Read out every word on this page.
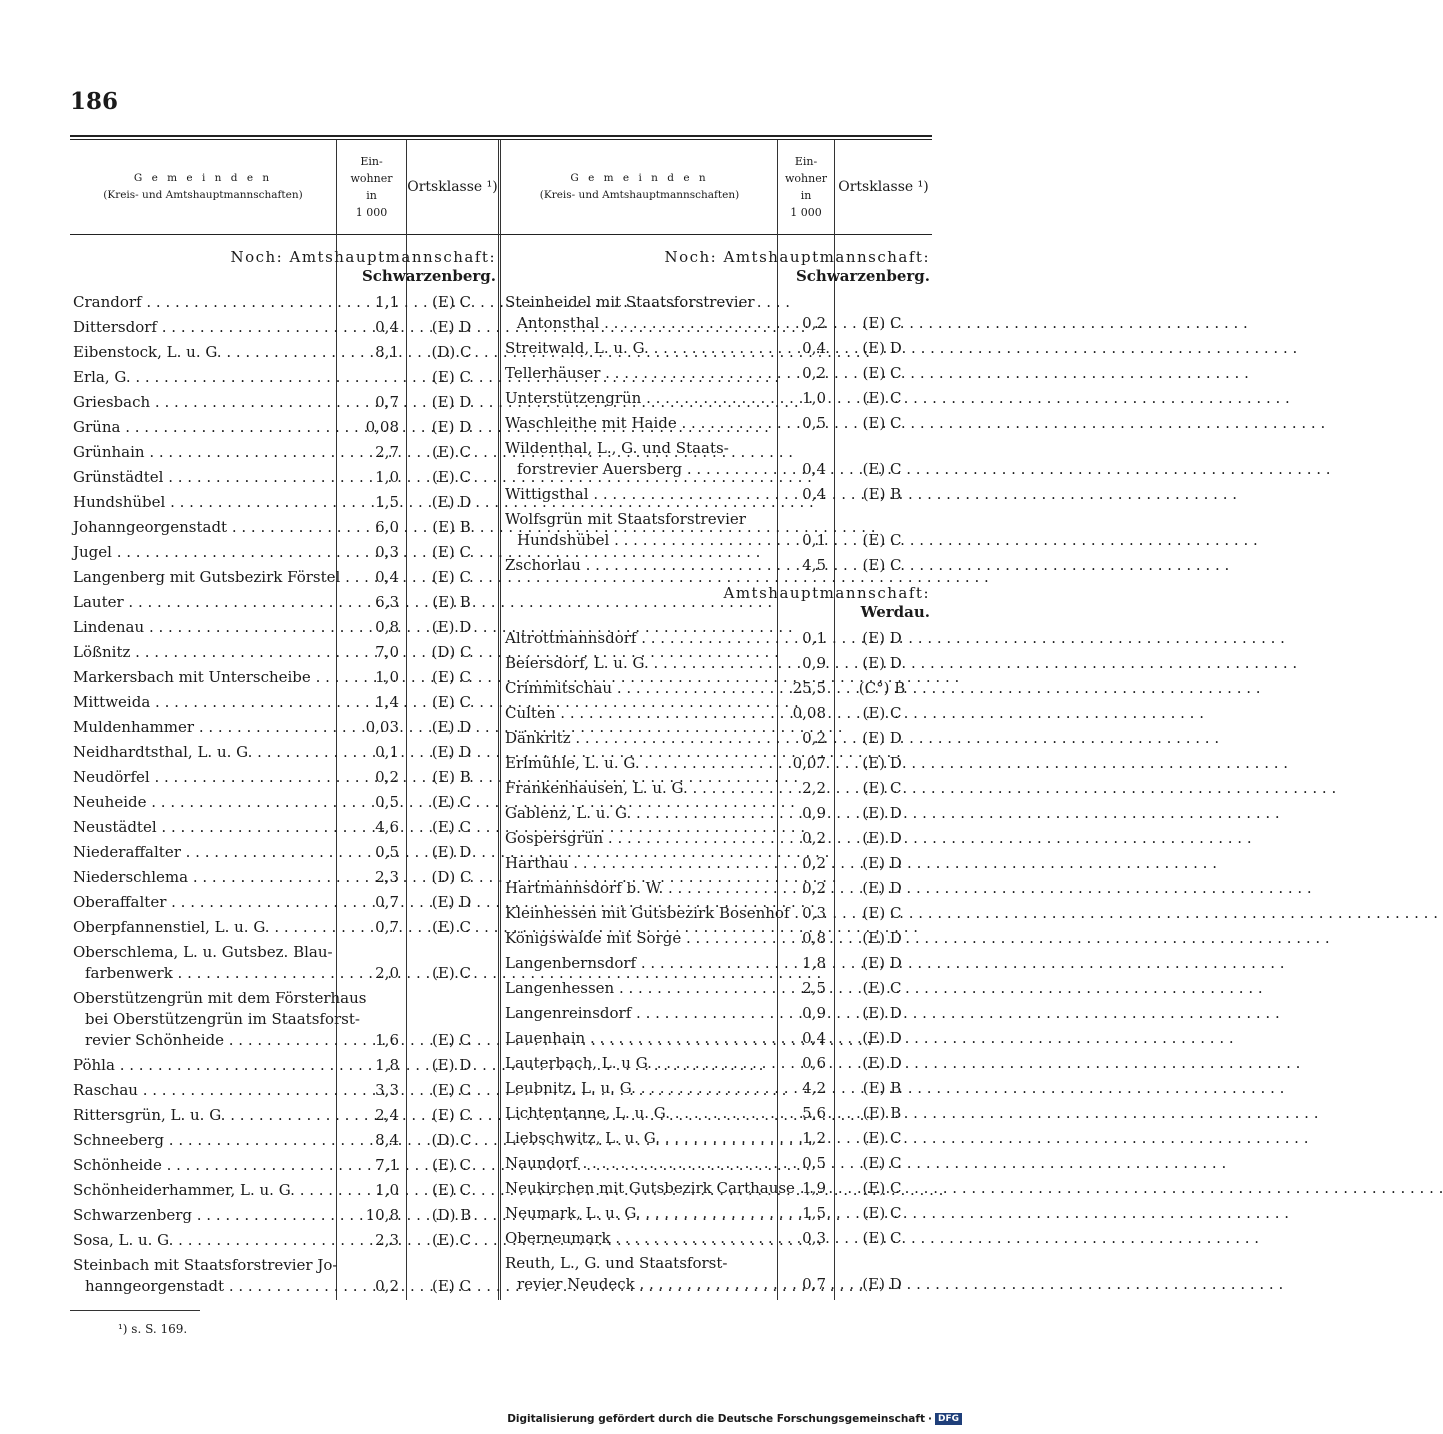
186
G e m e i n d e n
(Kreis- und Amtshauptmannschaften)
Ein-
wohner
in
1 000
Ortsklasse ¹)
G e m e i n d e n
(Kreis- und Amtshauptmannschaften)
Ein-
wohner
in
1 000
Ortsklasse ¹)
Noch: Amtshauptmannschaft:
Schwarzenberg.
Crandorf . . .	1,1	(E) C
Dittersdorf . . .	0,4	(E) D
Eibenstock, L. u. G. . . .	8,1	(D) C
Erla, G. . . .	(E) C
Griesbach . . .	0,7	(E) D
Grüna . . .	0,08	(E) D
Grünhain . . .	2,7	(E) C
Grünstädtel . . .	1,0	(E) C
Hundshübel . . .	1,5	(E) D
Johanngeorgenstadt . . .	6,0	(E) B
Jugel . . .	0,3	(E) C
Langenberg mit Gutsbezirk Förstel . . .	0,4	(E) C
Lauter . . .	6,3	(E) B
Lindenau . . .	0,8	(E) D
Lößnitz . . .	7,0	(D) C
Markersbach mit Unterscheibe . . .	1,0	(E) C
Mittweida . . .	1,4	(E) C
Muldenhammer . . .	0,03	(E) D
Neidhardtsthal, L. u. G. . . .	0,1	(E) D
Neudörfel . . .	0,2	(E) B
Neuheide . . .	0,5	(E) C
Neustädtel . . .	4,6	(E) C
Niederaffalter . . .	0,5	(E) D
Niederschlema . . .	2,3	(D) C
Oberaffalter . . .	0,7	(E) D
Oberpfannenstiel, L. u. G. . . .	0,7	(E) C
Oberschlema, L. u. Gutsbez. Blau-
farbenwerk . . .	2,0	(E) C
Oberstützengrün mit dem Försterhaus
bei Oberstützengrün im Staatsforst-
revier Schönheide . . .	1,6	(E) C
Pöhla . . .	1,8	(E) D
Raschau . . .	3,3	(E) C
Rittersgrün, L. u. G. . . .	2,4	(E) C
Schneeberg . . .	8,4	(D) C
Schönheide . . .	7,1	(E) C
Schönheiderhammer, L. u. G. . . .	1,0	(E) C
Schwarzenberg . . .	10,8	(D) B
Sosa, L. u. G. . . .	2,3	(E) C
Steinbach mit Staatsforstrevier Jo-
hanngeorgenstadt . . .	0,2	(E) C
Noch: Amtshauptmannschaft:
Schwarzenberg.
Steinheidel mit Staatsforstrevier
Antonsthal . . .	0,2	(E) C
Streitwald, L. u. G. . . .	0,4	(E) D
Tellerhäuser . . .	0,2	(E) C
Unterstützengrün . . .	1,0	(E) C
Waschleithe mit Haide . . .	0,5	(E) C
Wildenthal, L., G. und Staats-
forstrevier Auersberg . . .	0,4	(E) C
Wittigsthal . . .	0,4	(E) B
Wolfsgrün mit Staatsforstrevier
Hundshübel . . .	0,1	(E) C
Zschorlau . . .	4,5	(E) C
Amtshauptmannschaft:
Werdau.
Altrottmannsdorf . . .	0,1	(E) D
Beiersdorf, L. u. G. . . .	0,9	(E) D
Crimmitschau . . .	25,5	(C°) B
Culten . . .	0,08	(E) C
Dänkritz . . .	0,2	(E) D
Erlmühle, L. u. G. . . .	0,07	(E) D
Frankenhausen, L. u. G. . . .	2,2	(E) C
Gablenz, L. u. G. . . .	0,9	(E) D
Gospersgrün . . .	0,2	(E) D
Harthau . . .	0,2	(E) D
Hartmannsdorf b. W. . . .	0,2	(E) D
Kleinhessen mit Gutsbezirk Bosenhof . . . 0,3	(E) C
Königswalde mit Sorge . . .	0,8	(E) D
Langenbernsdorf . . .	1,8	(E) D
Langenhessen . . .	2,5	(E) C
Langenreinsdorf . . .	0,9	(E) D
Lauenhain . . .	0,4	(E) D
Lauterbach, L. u G. . . .	0,6	(E) D
Leubnitz, L. u. G. . . .	4,2	(E) B
Lichtentanne, L. u. G. . . .	5,6	(E) B
Liebschwitz, L. u. G. . . .	1,2	(E) C
Naundorf . . .	0,5	(E) C
Neukirchen mit Gutsbezirk Carthause . . . 1,9	(E) C
Neumark, L. u. G. . . .	1,5	(E) C
Oberneumark . . .	0,3	(E) C
Reuth, L., G. und Staatsforst-
revier Neudeck . . .	0,7	(E) D
¹) s. S. 169.
Digitalisierung gefördert durch die Deutsche Forschungsgemeinschaft · DFG
